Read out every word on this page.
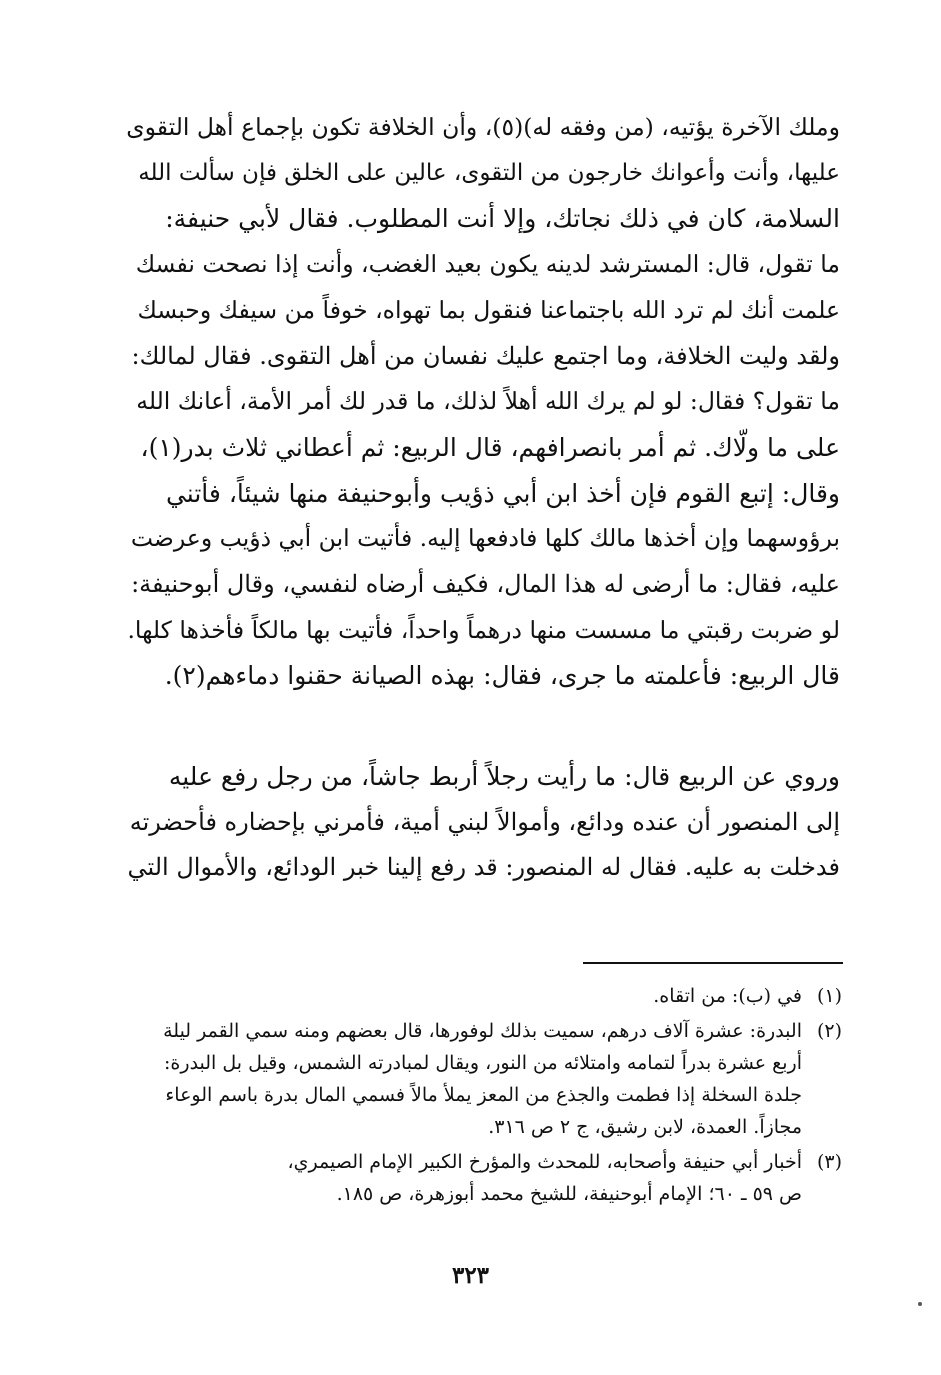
وملك الآخرة يؤتيه، (من وفقه له)(٥)، وأن الخلافة تكون بإجماع أهل التقوى
عليها، وأنت وأعوانك خارجون من التقوى، عالين على الخلق فإن سألت الله
السلامة، كان في ذلك نجاتك، وإلا أنت المطلوب. فقال لأبي حنيفة:
ما تقول، قال: المسترشد لدينه يكون بعيد الغضب، وأنت إذا نصحت نفسك
علمت أنك لم ترد الله باجتماعنا فنقول بما تهواه، خوفاً من سيفك وحبسك
ولقد وليت الخلافة، وما اجتمع عليك نفسان من أهل التقوى. فقال لمالك:
ما تقول؟ فقال: لو لم يرك الله أهلاً لذلك، ما قدر لك أمر الأمة، أعانك الله
على ما ولّاك. ثم أمر بانصرافهم، قال الربيع: ثم أعطاني ثلاث بدر(١)،
وقال: إتبع القوم فإن أخذ ابن أبي ذؤيب وأبوحنيفة منها شيئاً، فأتني
برؤوسهما وإن أخذها مالك كلها فادفعها إليه. فأتيت ابن أبي ذؤيب وعرضت
عليه، فقال: ما أرضى له هذا المال، فكيف أرضاه لنفسي، وقال أبوحنيفة:
لو ضربت رقبتي ما مسست منها درهماً واحداً، فأتيت بها مالكاً فأخذها كلها.
قال الربيع: فأعلمته ما جرى، فقال: بهذه الصيانة حقنوا دماءهم(٢).
وروي عن الربيع قال: ما رأيت رجلاً أربط جاشاً، من رجل رفع عليه
إلى المنصور أن عنده ودائع، وأموالاً لبني أمية، فأمرني بإحضاره فأحضرته
فدخلت به عليه. فقال له المنصور: قد رفع إلينا خبر الودائع، والأموال التي
(١)
في (ب): من اتقاه.
(٢)
البدرة: عشرة آلاف درهم، سميت بذلك لوفورها، قال بعضهم ومنه سمي القمر ليلة
أربع عشرة بدراً لتمامه وامتلائه من النور، ويقال لمبادرته الشمس، وقيل بل البدرة:
جلدة السخلة إذا فطمت والجذع من المعز يملأ مالاً فسمي المال بدرة باسم الوعاء
مجازاً. العمدة، لابن رشيق، ج ٢ ص ٣١٦.
(٣)
أخبار أبي حنيفة وأصحابه، للمحدث والمؤرخ الكبير الإمام الصيمري،
ص ٥٩ ـ ٦٠؛ الإمام أبوحنيفة، للشيخ محمد أبوزهرة، ص ١٨٥.
٣٢٣
